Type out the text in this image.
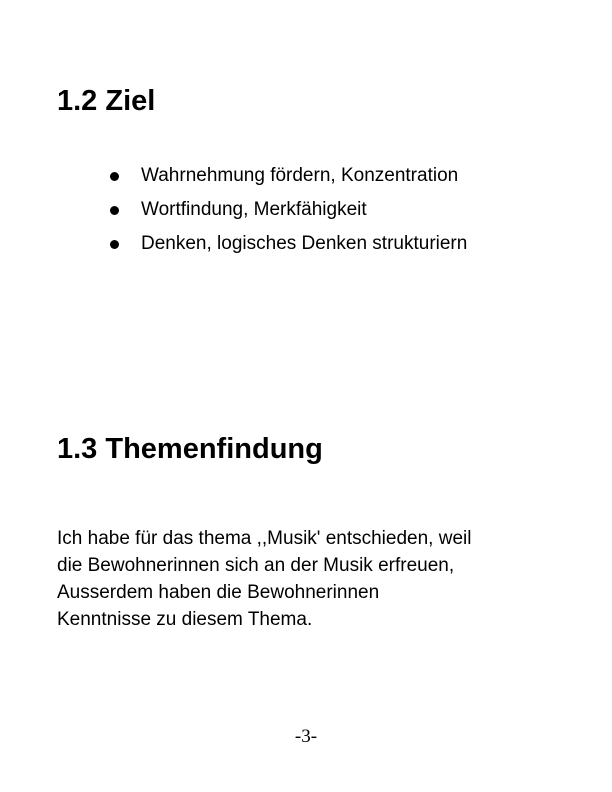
1.2 Ziel
Wahrnehmung fördern, Konzentration
Wortfindung, Merkfähigkeit
Denken, logisches Denken strukturiern
1.3 Themenfindung

Ich habe für das thema ,,Musik' entschieden, weil
die Bewohnerinnen sich an der Musik erfreuen,
Ausserdem haben die Bewohnerinnen
Kenntnisse zu diesem Thema.

-3-
